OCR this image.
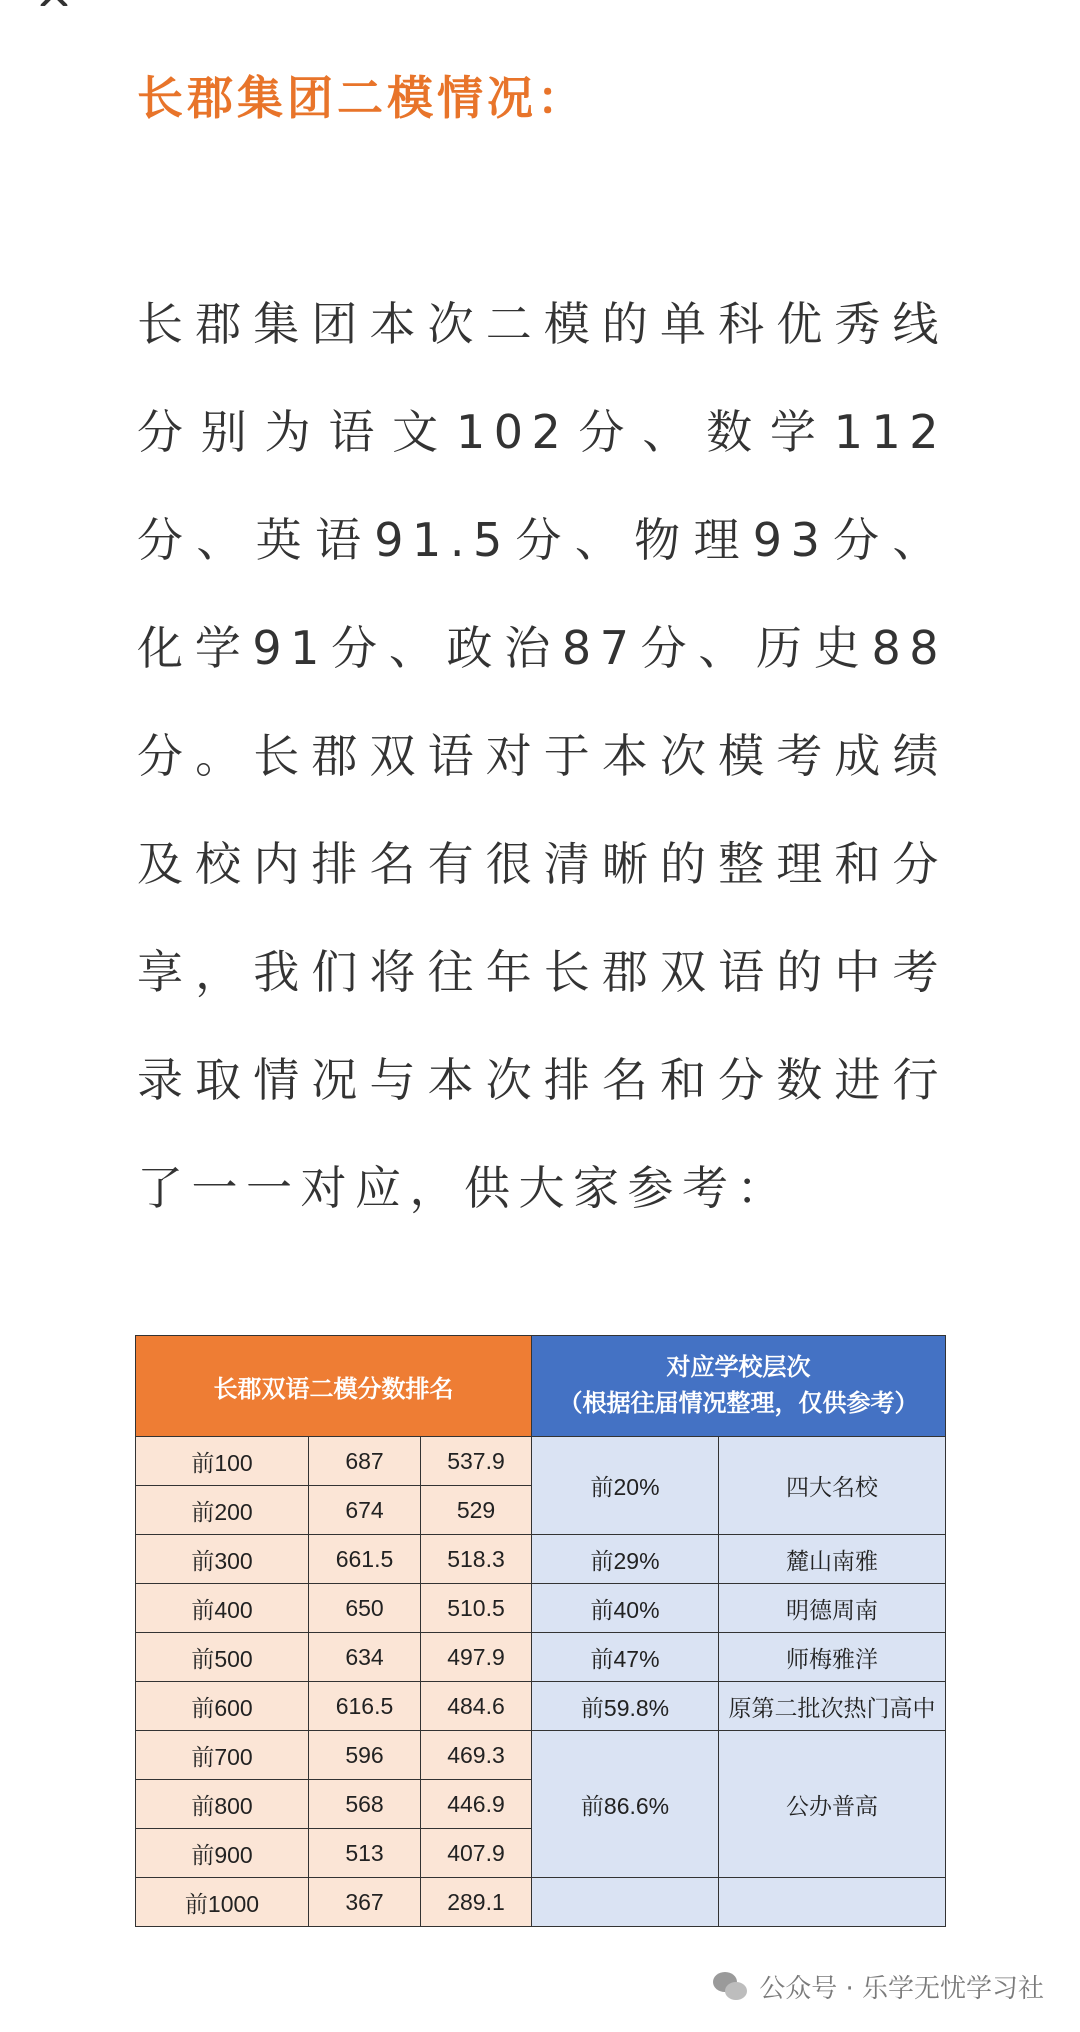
长郡集团二模情况：
长郡集团本次二模的单科优秀线分别为语文102分、数学112分、英语91.5分、物理93分、化学91分、政治87分、历史88分。长郡双语对于本次模考成绩及校内排名有很清晰的整理和分享，我们将往年长郡双语的中考录取情况与本次排名和分数进行了一一对应，供大家参考：
长郡双语二模分数排名			对应学校层次
（根据往届情况整理，仅供参考）	

前100	687	537.9	前20%	四大名校
前200	674	529		
前300	661.5	518.3	前29%	麓山南雅
前400	650	510.5	前40%	明德周南
前500	634	497.9	前47%	师梅雅洋
前600	616.5	484.6	前59.8%	原第二批次热门高中
前700	596	469.3	前86.6%	公办普高
前800	568	446.9		
前900	513	407.9		
前1000	367	289.1		
公众号 · 乐学无忧学习社
